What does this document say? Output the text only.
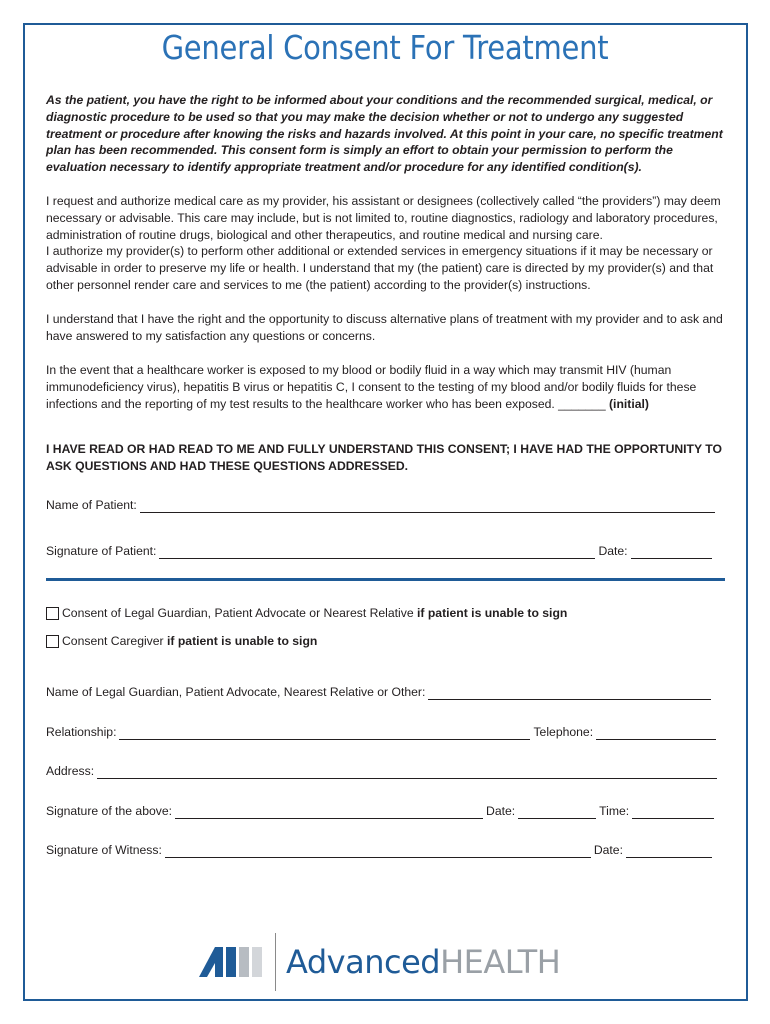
General Consent For Treatment

As the patient, you have the right to be informed about your conditions and the recommended surgical, medical, or diagnostic procedure to be used so that you may make the decision whether or not to undergo any suggested treatment or procedure after knowing the risks and hazards involved. At this point in your care, no specific treatment plan has been recommended. This consent form is simply an effort to obtain your permission to perform the evaluation necessary to identify appropriate treatment and/or procedure for any identified condition(s).

I request and authorize medical care as my provider, his assistant or designees (collectively called “the providers”) may deem necessary or advisable. This care may include, but is not limited to, routine diagnostics, radiology and laboratory procedures, administration of routine drugs, biological and other therapeutics, and routine medical and nursing care.
I authorize my provider(s) to perform other additional or extended services in emergency situations if it may be necessary or advisable in order to preserve my life or health. I understand that my (the patient) care is directed by my provider(s) and that other personnel render care and services to me (the patient) according to the provider(s) instructions.

I understand that I have the right and the opportunity to discuss alternative plans of treatment with my provider and to ask and have answered to my satisfaction any questions or concerns.

In the event that a healthcare worker is exposed to my blood or bodily fluid in a way which may transmit HIV (human immunodeficiency virus), hepatitis B virus or hepatitis C, I consent to the testing of my blood and/or bodily fluids for these infections and the reporting of my test results to the healthcare worker who has been exposed. _______ (initial)

I HAVE READ OR HAD READ TO ME AND FULLY UNDERSTAND THIS CONSENT; I HAVE HAD THE OPPORTUNITY TO ASK QUESTIONS AND HAD THESE QUESTIONS ADDRESSED.

Name of Patient:
Signature of Patient:	Date:
Consent of Legal Guardian, Patient Advocate or Nearest Relative
if patient is unable to sign
Consent Caregiver
if patient is unable to sign
Name of Legal Guardian, Patient Advocate, Nearest Relative or Other:
Relationship:	Telephone:
Address:
Signature of the above:	Date:	Time:
Signature of Witness:	Date:
AdvancedHEALTH
